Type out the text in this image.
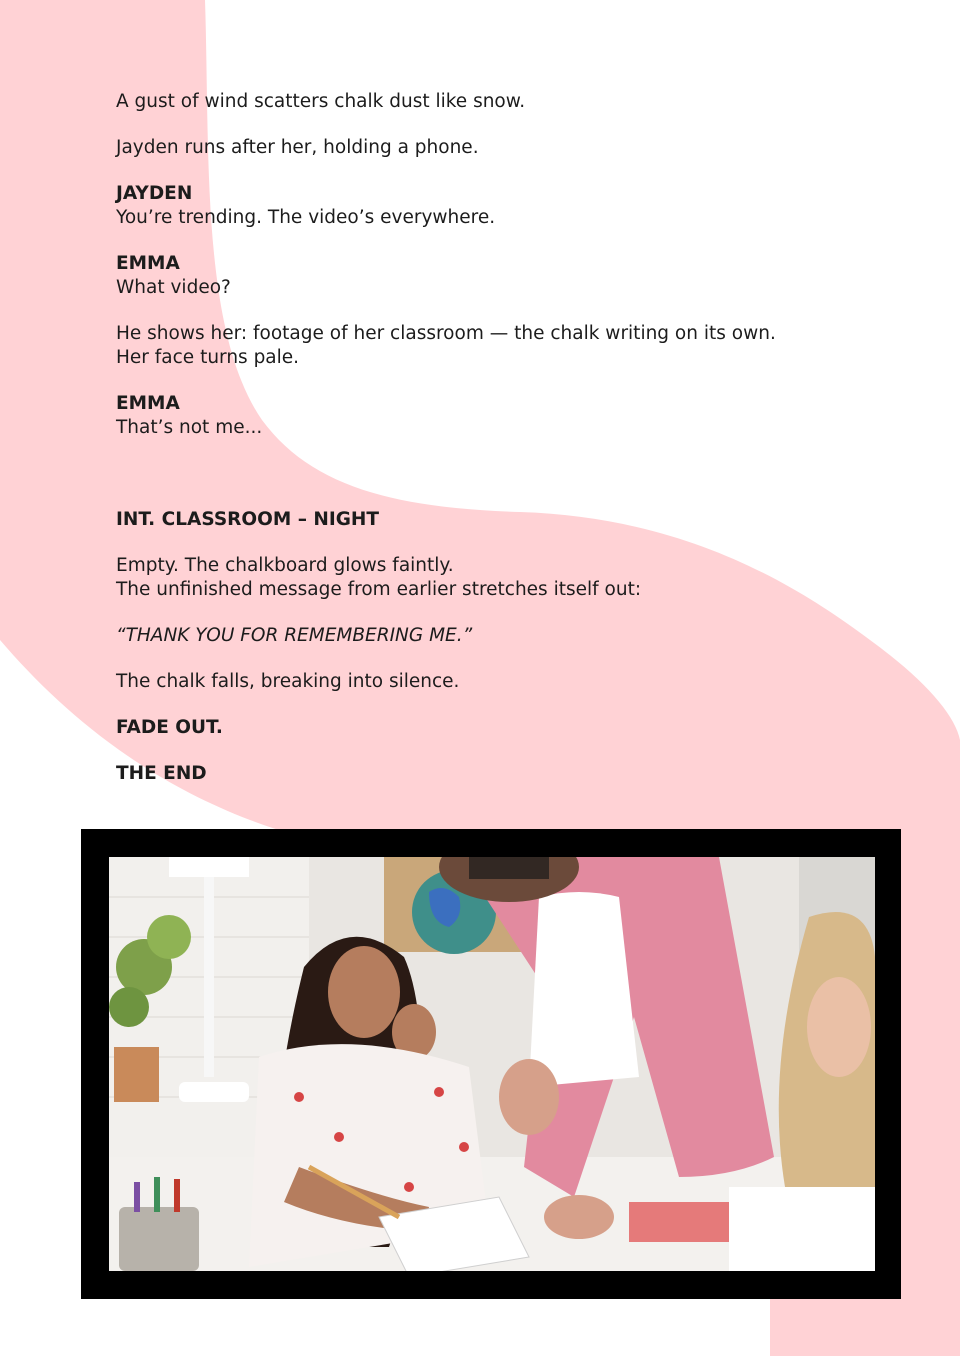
A gust of wind scatters chalk dust like snow.

Jayden runs after her, holding a phone.

JAYDEN

You’re trending. The video’s everywhere.

EMMA

What video?

He shows her: footage of her classroom — the chalk writing on its own.

Her face turns pale.

EMMA

That’s not me...

INT. CLASSROOM – NIGHT

Empty. The chalkboard glows faintly.

The unfinished message from earlier stretches itself out:

“THANK YOU FOR REMEMBERING ME.”

The chalk falls, breaking into silence.

FADE OUT.

THE END
